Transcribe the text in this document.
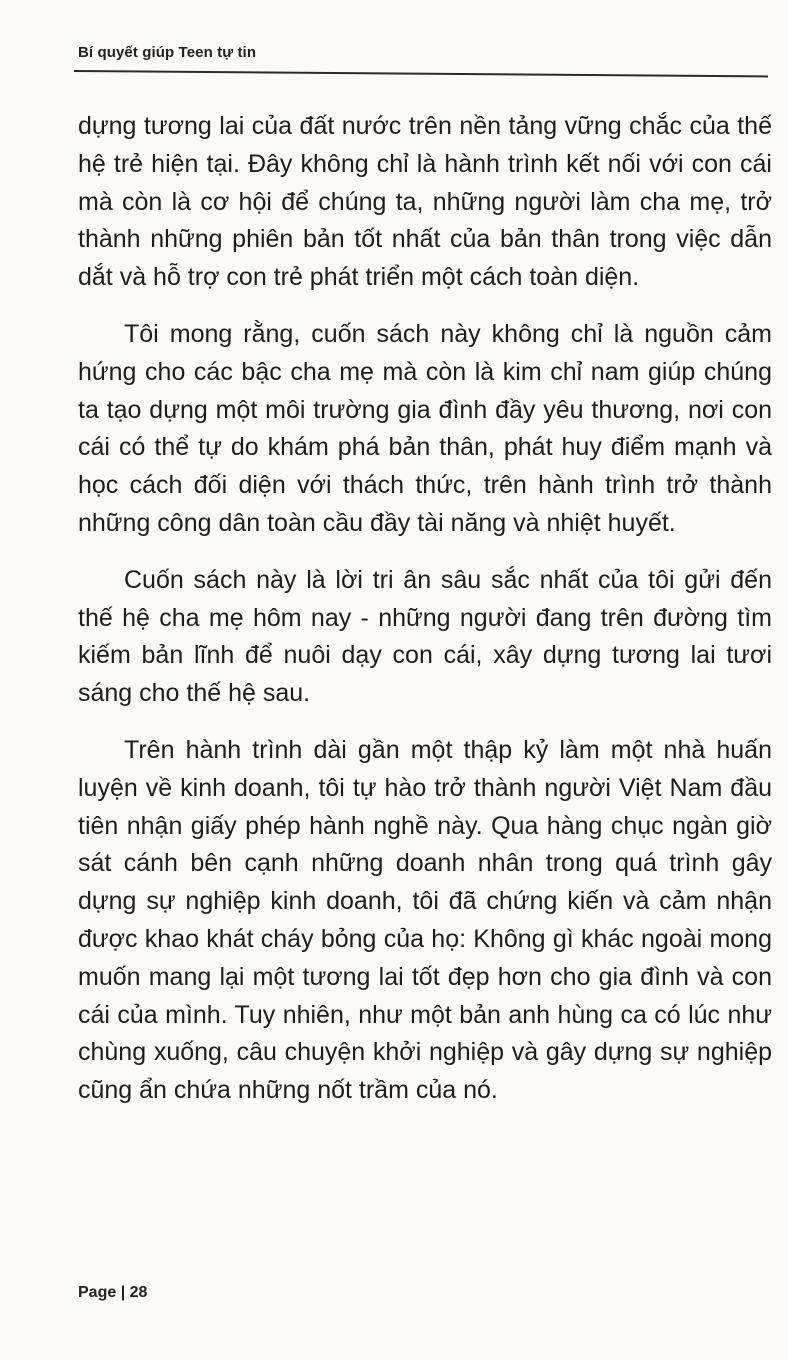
Bí quyết giúp Teen tự tin

dựng tương lai của đất nước trên nền tảng vững chắc của thế hệ trẻ hiện tại. Đây không chỉ là hành trình kết nối với con cái mà còn là cơ hội để chúng ta, những người làm cha mẹ, trở thành những phiên bản tốt nhất của bản thân trong việc dẫn dắt và hỗ trợ con trẻ phát triển một cách toàn diện.

Tôi mong rằng, cuốn sách này không chỉ là nguồn cảm hứng cho các bậc cha mẹ mà còn là kim chỉ nam giúp chúng ta tạo dựng một môi trường gia đình đầy yêu thương, nơi con cái có thể tự do khám phá bản thân, phát huy điểm mạnh và học cách đối diện với thách thức, trên hành trình trở thành những công dân toàn cầu đầy tài năng và nhiệt huyết.

Cuốn sách này là lời tri ân sâu sắc nhất của tôi gửi đến thế hệ cha mẹ hôm nay - những người đang trên đường tìm kiếm bản lĩnh để nuôi dạy con cái, xây dựng tương lai tươi sáng cho thế hệ sau.

Trên hành trình dài gần một thập kỷ làm một nhà huấn luyện về kinh doanh, tôi tự hào trở thành người Việt Nam đầu tiên nhận giấy phép hành nghề này. Qua hàng chục ngàn giờ sát cánh bên cạnh những doanh nhân trong quá trình gây dựng sự nghiệp kinh doanh, tôi đã chứng kiến và cảm nhận được khao khát cháy bỏng của họ: Không gì khác ngoài mong muốn mang lại một tương lai tốt đẹp hơn cho gia đình và con cái của mình. Tuy nhiên, như một bản anh hùng ca có lúc như chùng xuống, câu chuyện khởi nghiệp và gây dựng sự nghiệp cũng ẩn chứa những nốt trầm của nó.

Page | 28
